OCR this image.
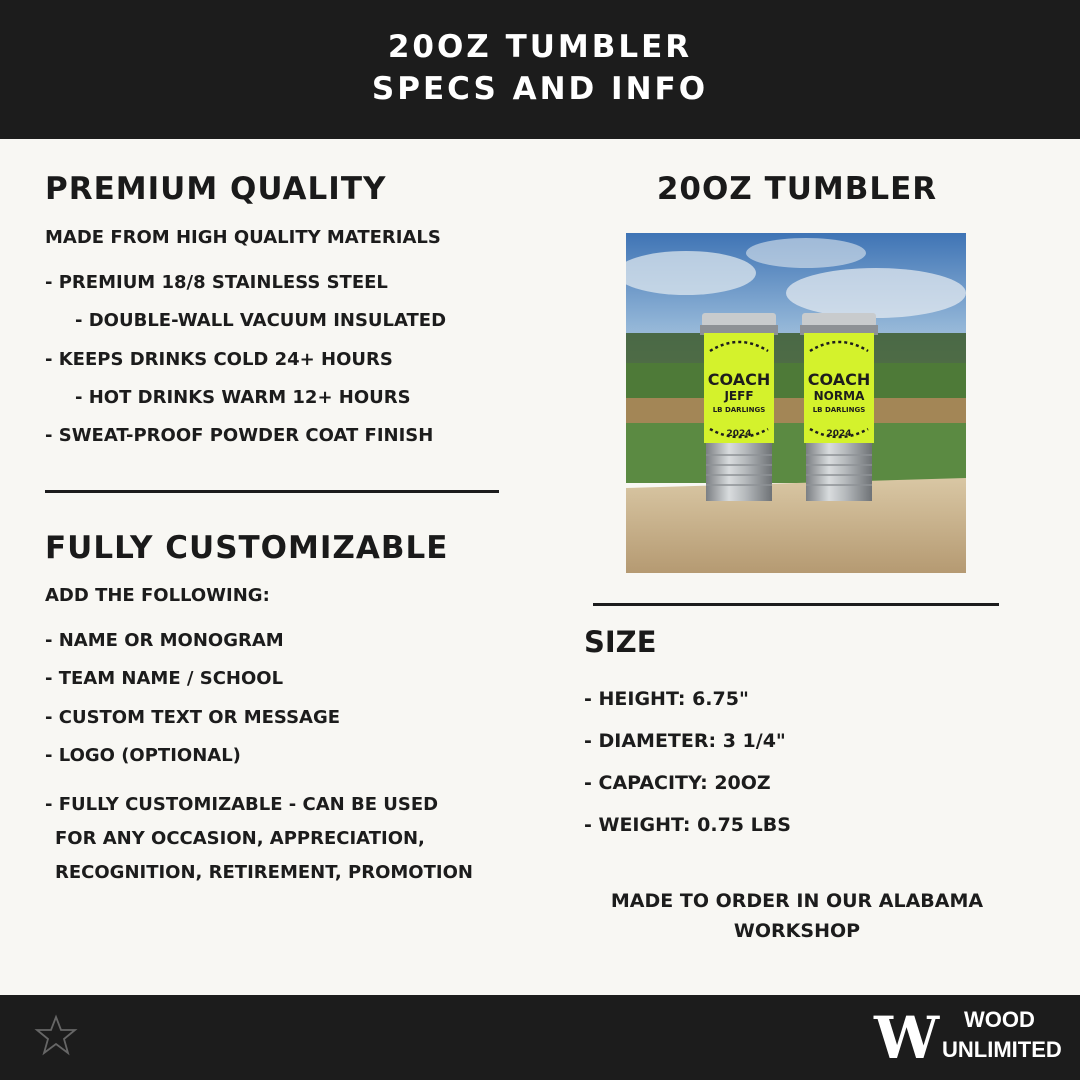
20OZ TUMBLER
SPECS AND INFO
PREMIUM QUALITY
MADE FROM HIGH QUALITY MATERIALS
- PREMIUM 18/8 STAINLESS STEEL
- DOUBLE-WALL VACUUM INSULATED
- KEEPS DRINKS COLD 24+ HOURS
- HOT DRINKS WARM 12+ HOURS
- SWEAT-PROOF POWDER COAT FINISH
FULLY CUSTOMIZABLE
ADD THE FOLLOWING:
- NAME OR MONOGRAM
- TEAM NAME / SCHOOL
- CUSTOM TEXT OR MESSAGE
- LOGO (OPTIONAL)
- FULLY CUSTOMIZABLE - CAN BE USED
FOR ANY OCCASION, APPRECIATION,
RECOGNITION, RETIREMENT, PROMOTION
20OZ TUMBLER
COACH
JEFF
LB DARLINGS
2024
COACH
NORMA
LB DARLINGS
2024
SIZE
- HEIGHT: 6.75"
- DIAMETER: 3 1/4"
- CAPACITY: 20OZ
- WEIGHT: 0.75 LBS
MADE TO ORDER IN OUR ALABAMA
WORKSHOP
W WOOD
UNLIMITED
